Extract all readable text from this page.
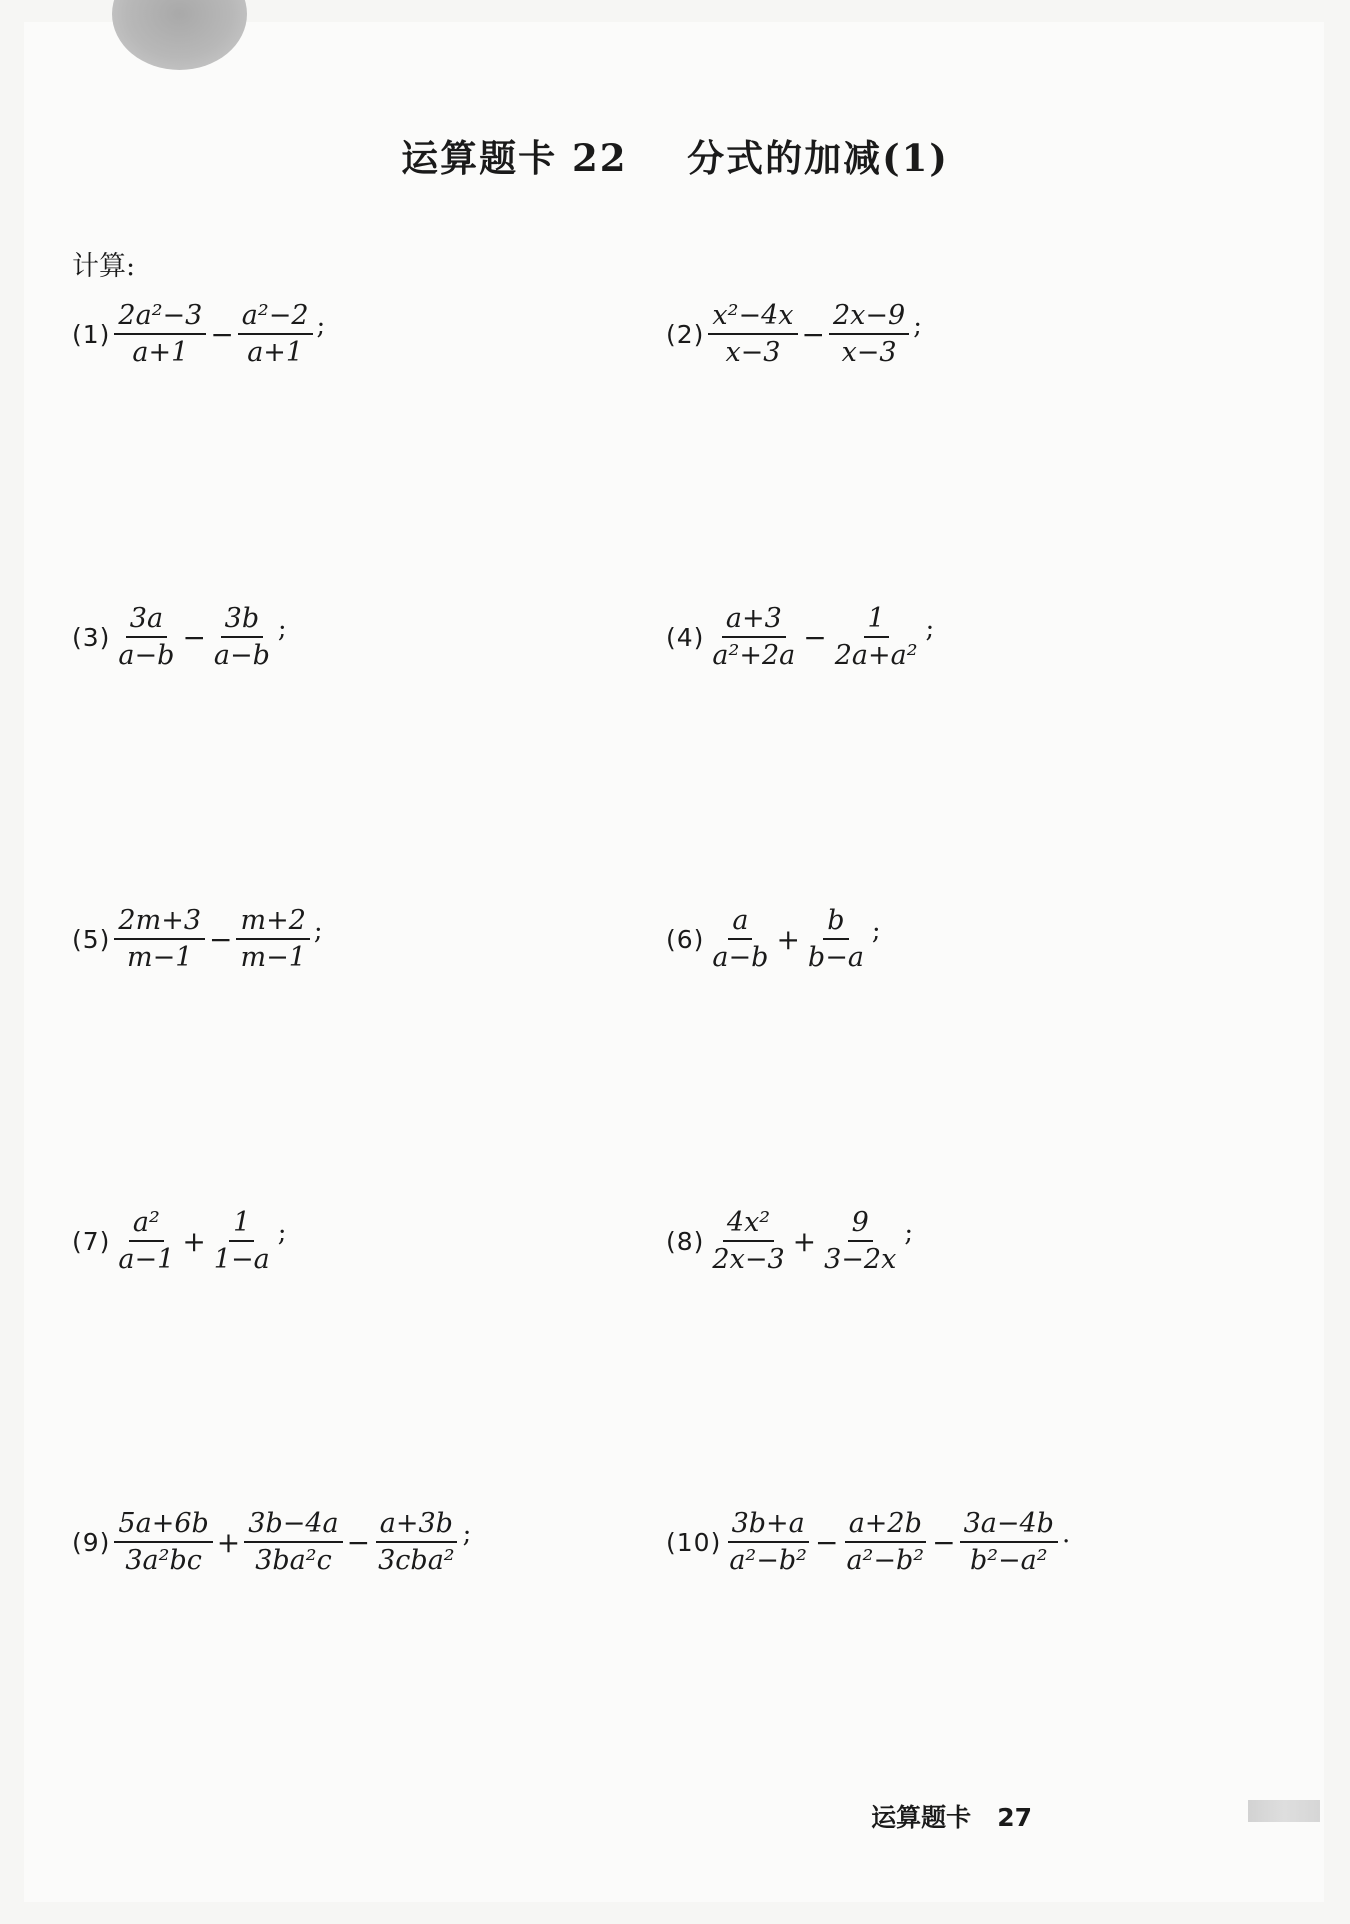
运算题卡 22    分式的加减(1)
计算:
$(1) \frac{\text{2a²−3}}{a+1} - \frac{\text{a²−2}}{a+1}$ ;	$(2) \frac{\text{x²−4x}}{x-3} - \frac{2x-9}{x-3}$ ;
$(3) \frac{3a}{a-b} - \frac{3b}{a-b}$ ;	$(4) \frac{a+3}{\text{a²+2a}} - \frac{1}{\text{2a+a²}}$ ;
$(5) \frac{2m+3}{m-1} - \frac{m+2}{m-1}$ ;	$(6) \frac{a}{a-b} + \frac{b}{b-a}$ ;
$(7) \frac{\text{a²}}{a-1} + \frac{1}{1-a}$ ;	$(8) \frac{\text{4x²}}{2x-3} + \frac{9}{3-2x}$ ;
$(9) \frac{5a+6b}{\text{3a²bc}} + \frac{3b-4a}{\text{3ba²c}} - \frac{a+3b}{\text{3cba²}}$ ;	$(10) \frac{3b+a}{\text{a²−b²}} - \frac{a+2b}{\text{a²−b²}} - \frac{3a-4b}{\text{b²−a²}}$ .
运算题卡   27
